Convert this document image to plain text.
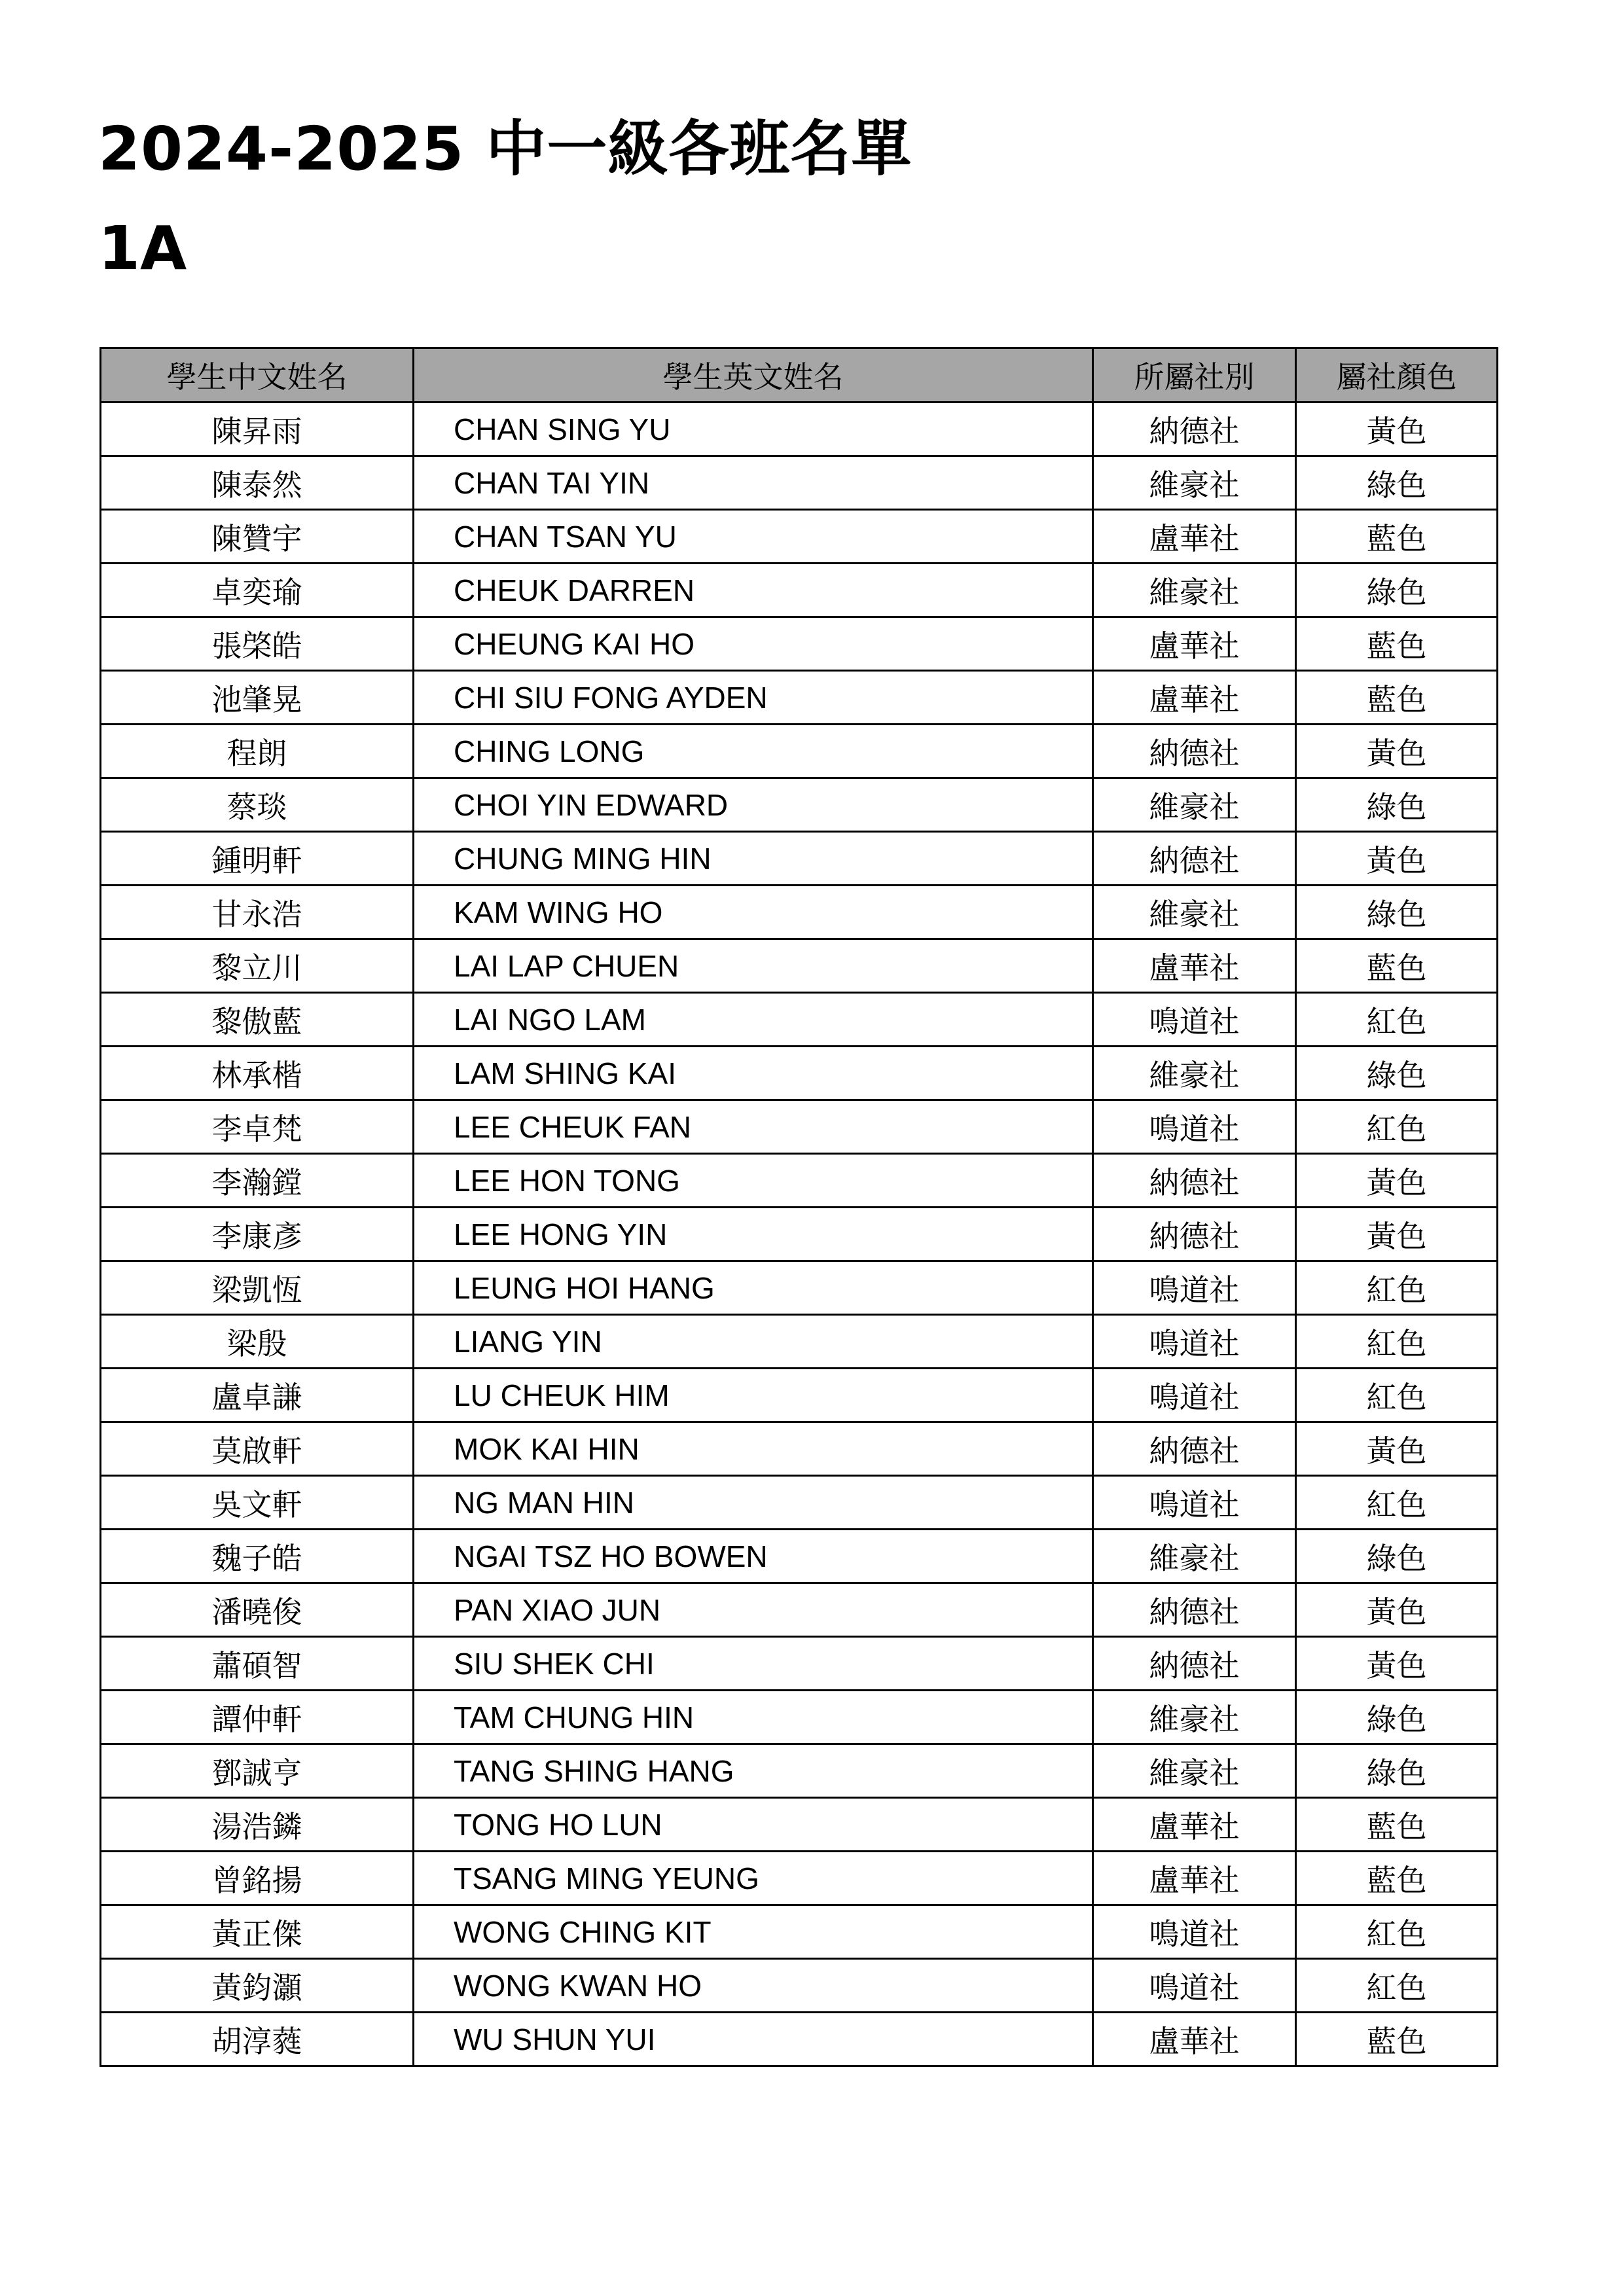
2024-2025 中一級各班名單
1A
學生中文姓名	學生英文姓名	所屬社別	屬社顏色
陳昇雨	CHAN SING YU	納德社	黃色
陳泰然	CHAN TAI YIN	維豪社	綠色
陳贊宇	CHAN TSAN YU	盧華社	藍色
卓奕瑜	CHEUK DARREN	維豪社	綠色
張棨皓	CHEUNG KAI HO	盧華社	藍色
池肇晃	CHI SIU FONG AYDEN	盧華社	藍色
程朗	CHING LONG	納德社	黃色
蔡琰	CHOI YIN EDWARD	維豪社	綠色
鍾明軒	CHUNG MING HIN	納德社	黃色
甘永浩	KAM WING HO	維豪社	綠色
黎立川	LAI LAP CHUEN	盧華社	藍色
黎傲藍	LAI NGO LAM	鳴道社	紅色
林承楷	LAM SHING KAI	維豪社	綠色
李卓梵	LEE CHEUK FAN	鳴道社	紅色
李瀚鏜	LEE HON TONG	納德社	黃色
李康彥	LEE HONG YIN	納德社	黃色
梁凱恆	LEUNG HOI HANG	鳴道社	紅色
梁殷	LIANG YIN	鳴道社	紅色
盧卓謙	LU CHEUK HIM	鳴道社	紅色
莫啟軒	MOK KAI HIN	納德社	黃色
吳文軒	NG MAN HIN	鳴道社	紅色
魏子皓	NGAI TSZ HO BOWEN	維豪社	綠色
潘曉俊	PAN XIAO JUN	納德社	黃色
蕭碩智	SIU SHEK CHI	納德社	黃色
譚仲軒	TAM CHUNG HIN	維豪社	綠色
鄧誠亨	TANG SHING HANG	維豪社	綠色
湯浩鏻	TONG HO LUN	盧華社	藍色
曾銘揚	TSANG MING YEUNG	盧華社	藍色
黃正傑	WONG CHING KIT	鳴道社	紅色
黃鈞灝	WONG KWAN HO	鳴道社	紅色
胡淳蕤	WU SHUN YUI	盧華社	藍色
